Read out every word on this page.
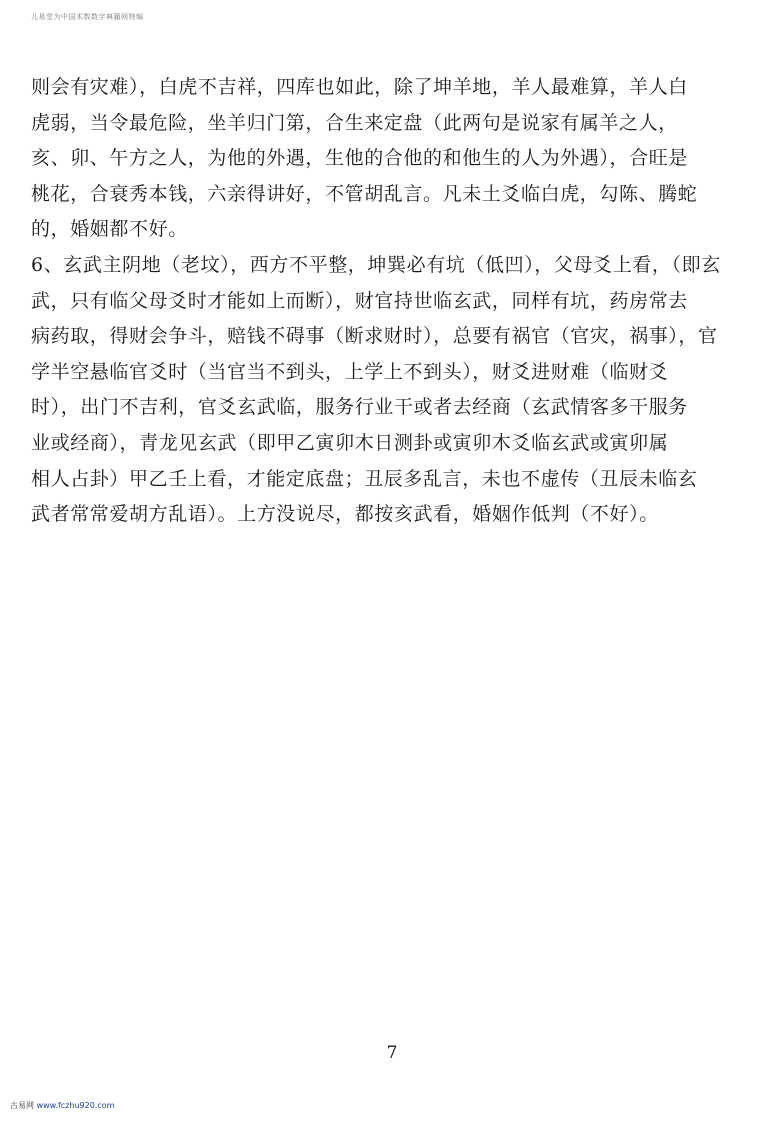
儿易堂为中国术数数字典籍网特编

则会有灾难），白虎不吉祥，四库也如此，除了坤羊地，羊人最难算，羊人白
虎弱，当令最危险，坐羊归门第，合生来定盘（此两句是说家有属羊之人，
亥、卯、午方之人，为他的外遇，生他的合他的和他生的人为外遇），合旺是
桃花，合衰秀本钱，六亲得讲好，不管胡乱言。凡未土爻临白虎，勾陈、腾蛇
的，婚姻都不好。

6、玄武主阴地（老坟），西方不平整，坤巽必有坑（低凹），父母爻上看，（即玄
武，只有临父母爻时才能如上而断），财官持世临玄武，同样有坑，药房常去
病药取，得财会争斗，赔钱不碍事（断求财时），总要有祸官（官灾，祸事），官
学半空悬临官爻时（当官当不到头，上学上不到头），财爻进财难（临财爻
时），出门不吉利，官爻玄武临，服务行业干或者去经商（玄武情客多干服务
业或经商），青龙见玄武（即甲乙寅卯木日测卦或寅卯木爻临玄武或寅卯属
相人占卦）甲乙壬上看，才能定底盘；丑辰多乱言，未也不虚传（丑辰未临玄
武者常常爱胡方乱语）。上方没说尽，都按亥武看，婚姻作低判（不好）。

7
古易网 www.fczhu920.com
